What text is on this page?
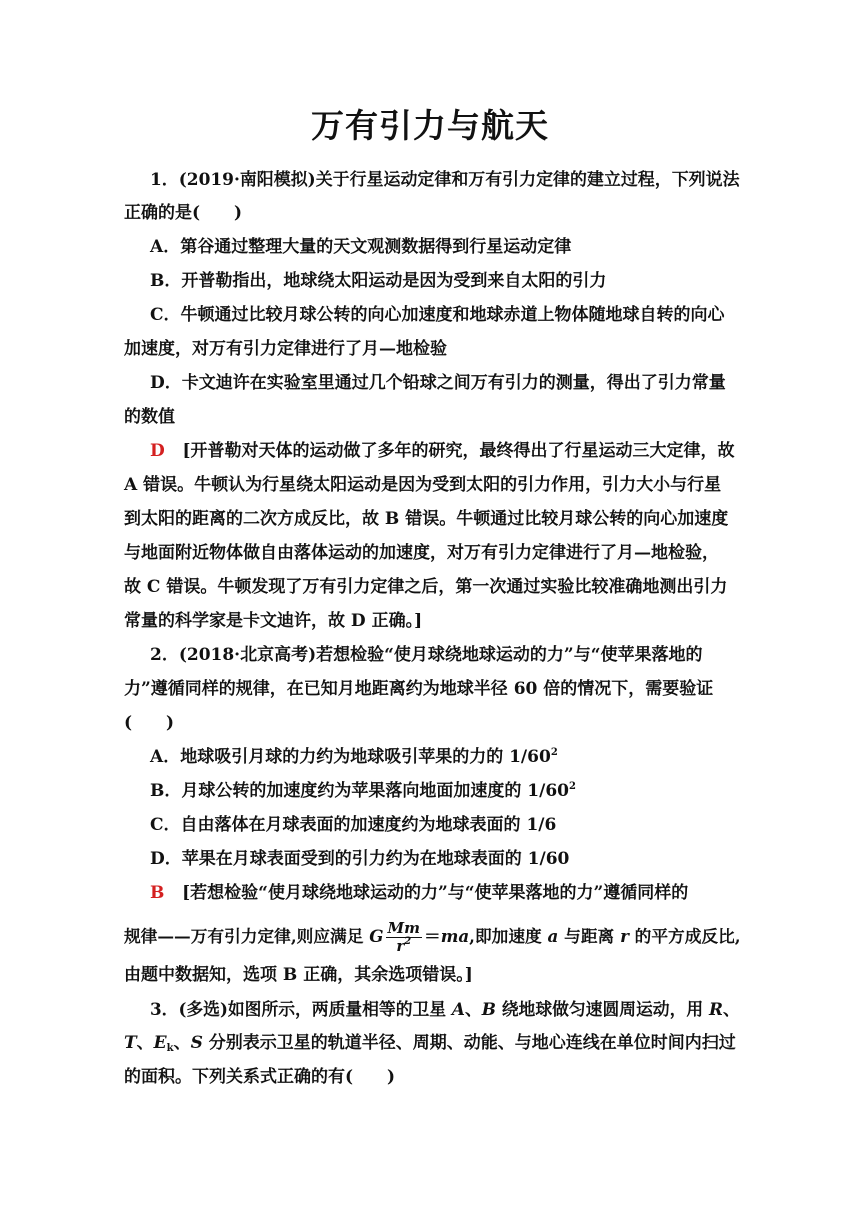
万有引力与航天
1．(2019·南阳模拟)关于行星运动定律和万有引力定律的建立过程，下列说法
正确的是(　　)
A．第谷通过整理大量的天文观测数据得到行星运动定律
B．开普勒指出，地球绕太阳运动是因为受到来自太阳的引力
C．牛顿通过比较月球公转的向心加速度和地球赤道上物体随地球自转的向心
加速度，对万有引力定律进行了月—地检验
D．卡文迪许在实验室里通过几个铅球之间万有引力的测量，得出了引力常量
的数值
D [开普勒对天体的运动做了多年的研究，最终得出了行星运动三大定律，故
A 错误。牛顿认为行星绕太阳运动是因为受到太阳的引力作用，引力大小与行星
到太阳的距离的二次方成反比，故 B 错误。牛顿通过比较月球公转的向心加速度
与地面附近物体做自由落体运动的加速度，对万有引力定律进行了月—地检验，
故 C 错误。牛顿发现了万有引力定律之后，第一次通过实验比较准确地测出引力
常量的科学家是卡文迪许，故 D 正确。]
2．(2018·北京高考)若想检验“使月球绕地球运动的力”与“使苹果落地的
力”遵循同样的规律，在已知月地距离约为地球半径 60 倍的情况下，需要验证
(　　)
A．地球吸引月球的力约为地球吸引苹果的力的 $1/60^2$
B．月球公转的加速度约为苹果落向地面加速度的 $1/60^2$
C．自由落体在月球表面的加速度约为地球表面的 1/6
D．苹果在月球表面受到的引力约为在地球表面的 1/60
B [若想检验“使月球绕地球运动的力”与“使苹果落地的力”遵循同样的
规律——万有引力定律,则应满足 G $\frac{Mm}{r^2} =ma$,即加速度 a 与距离 r 的平方成反比,
由题中数据知，选项 B 正确，其余选项错误。]
3．(多选)如图所示，两质量相等的卫星 A、B 绕地球做匀速圆周运动，用 R、
T、$E_k$、S 分别表示卫星的轨道半径、周期、动能、与地心连线在单位时间内扫过
的面积。下列关系式正确的有(　　)
